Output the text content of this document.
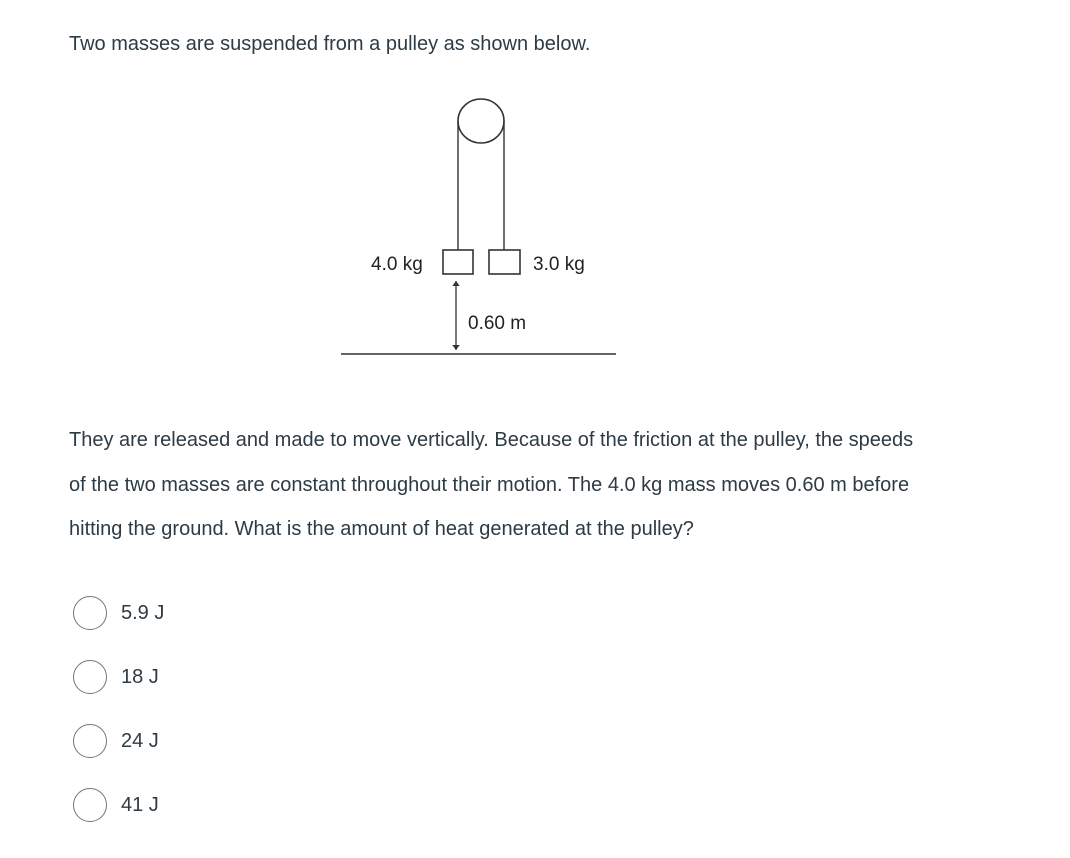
Two masses are suspended from a pulley as shown below.

4.0 kg	3.0 kg
0.60 m

They are released and made to move vertically. Because of the friction at the pulley, the speeds
of the two masses are constant throughout their motion. The 4.0 kg mass moves 0.60 m before
hitting the ground. What is the amount of heat generated at the pulley?

5.9 J
18 J
24 J
41 J
